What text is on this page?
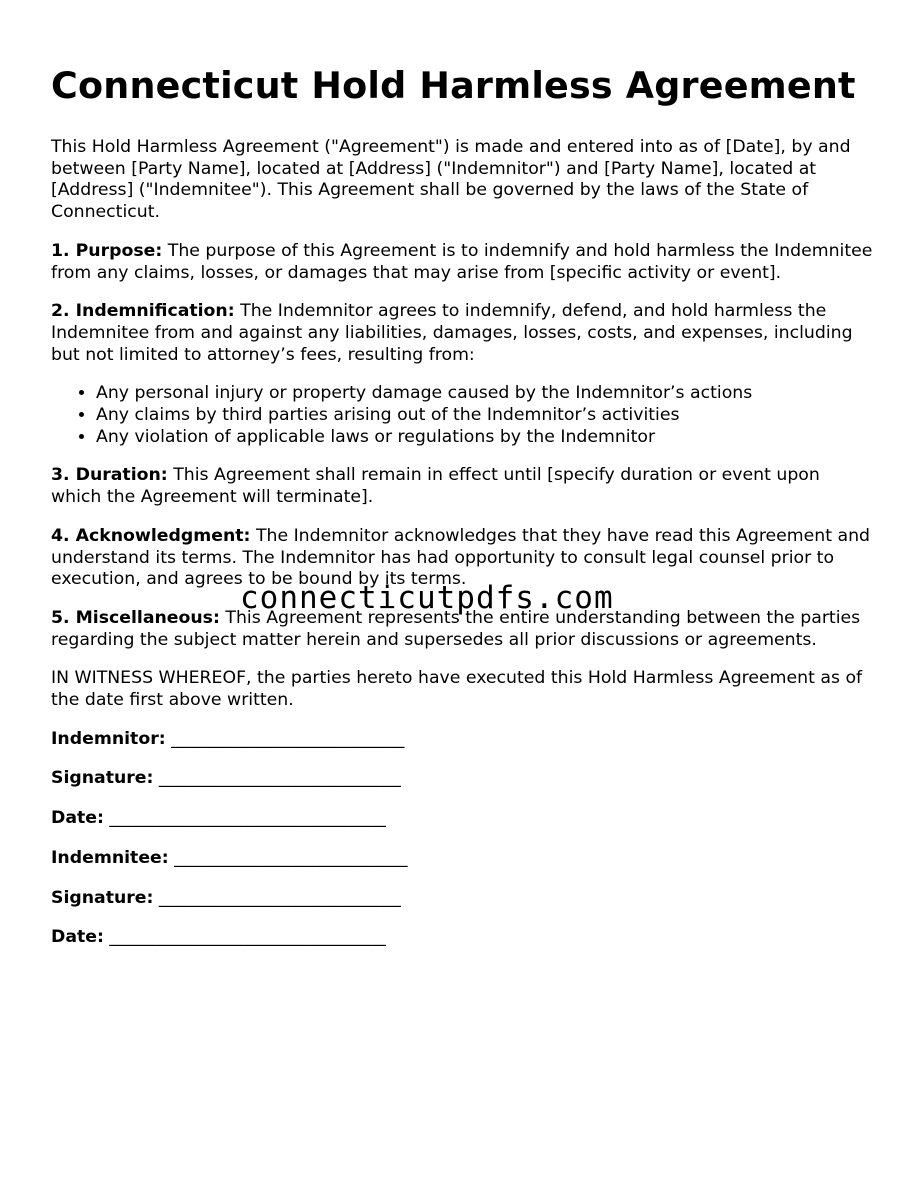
Connecticut Hold Harmless Agreement

This Hold Harmless Agreement ("Agreement") is made and entered into as of [Date], by and between [Party Name], located at [Address] ("Indemnitor") and [Party Name], located at [Address] ("Indemnitee"). This Agreement shall be governed by the laws of the State of Connecticut.

1. Purpose: The purpose of this Agreement is to indemnify and hold harmless the Indemnitee from any claims, losses, or damages that may arise from [specific activity or event].

2. Indemnification: The Indemnitor agrees to indemnify, defend, and hold harmless the Indemnitee from and against any liabilities, damages, losses, costs, and expenses, including but not limited to attorney’s fees, resulting from:

• Any personal injury or property damage caused by the Indemnitor’s actions
• Any claims by third parties arising out of the Indemnitor’s activities
• Any violation of applicable laws or regulations by the Indemnitor

3. Duration: This Agreement shall remain in effect until [specify duration or event upon which the Agreement will terminate].

4. Acknowledgment: The Indemnitor acknowledges that they have read this Agreement and understand its terms. The Indemnitor has had opportunity to consult legal counsel prior to execution, and agrees to be bound by its terms.

5. Miscellaneous: This Agreement represents the entire understanding between the parties regarding the subject matter herein and supersedes all prior discussions or agreements.

IN WITNESS WHEREOF, the parties hereto have executed this Hold Harmless Agreement as of the date first above written.

Indemnitor: ___________________________
Signature: ____________________________
Date: ________________________________
Indemnitee: ___________________________
Signature: ____________________________
Date: ________________________________
connecticutpdfs.com
